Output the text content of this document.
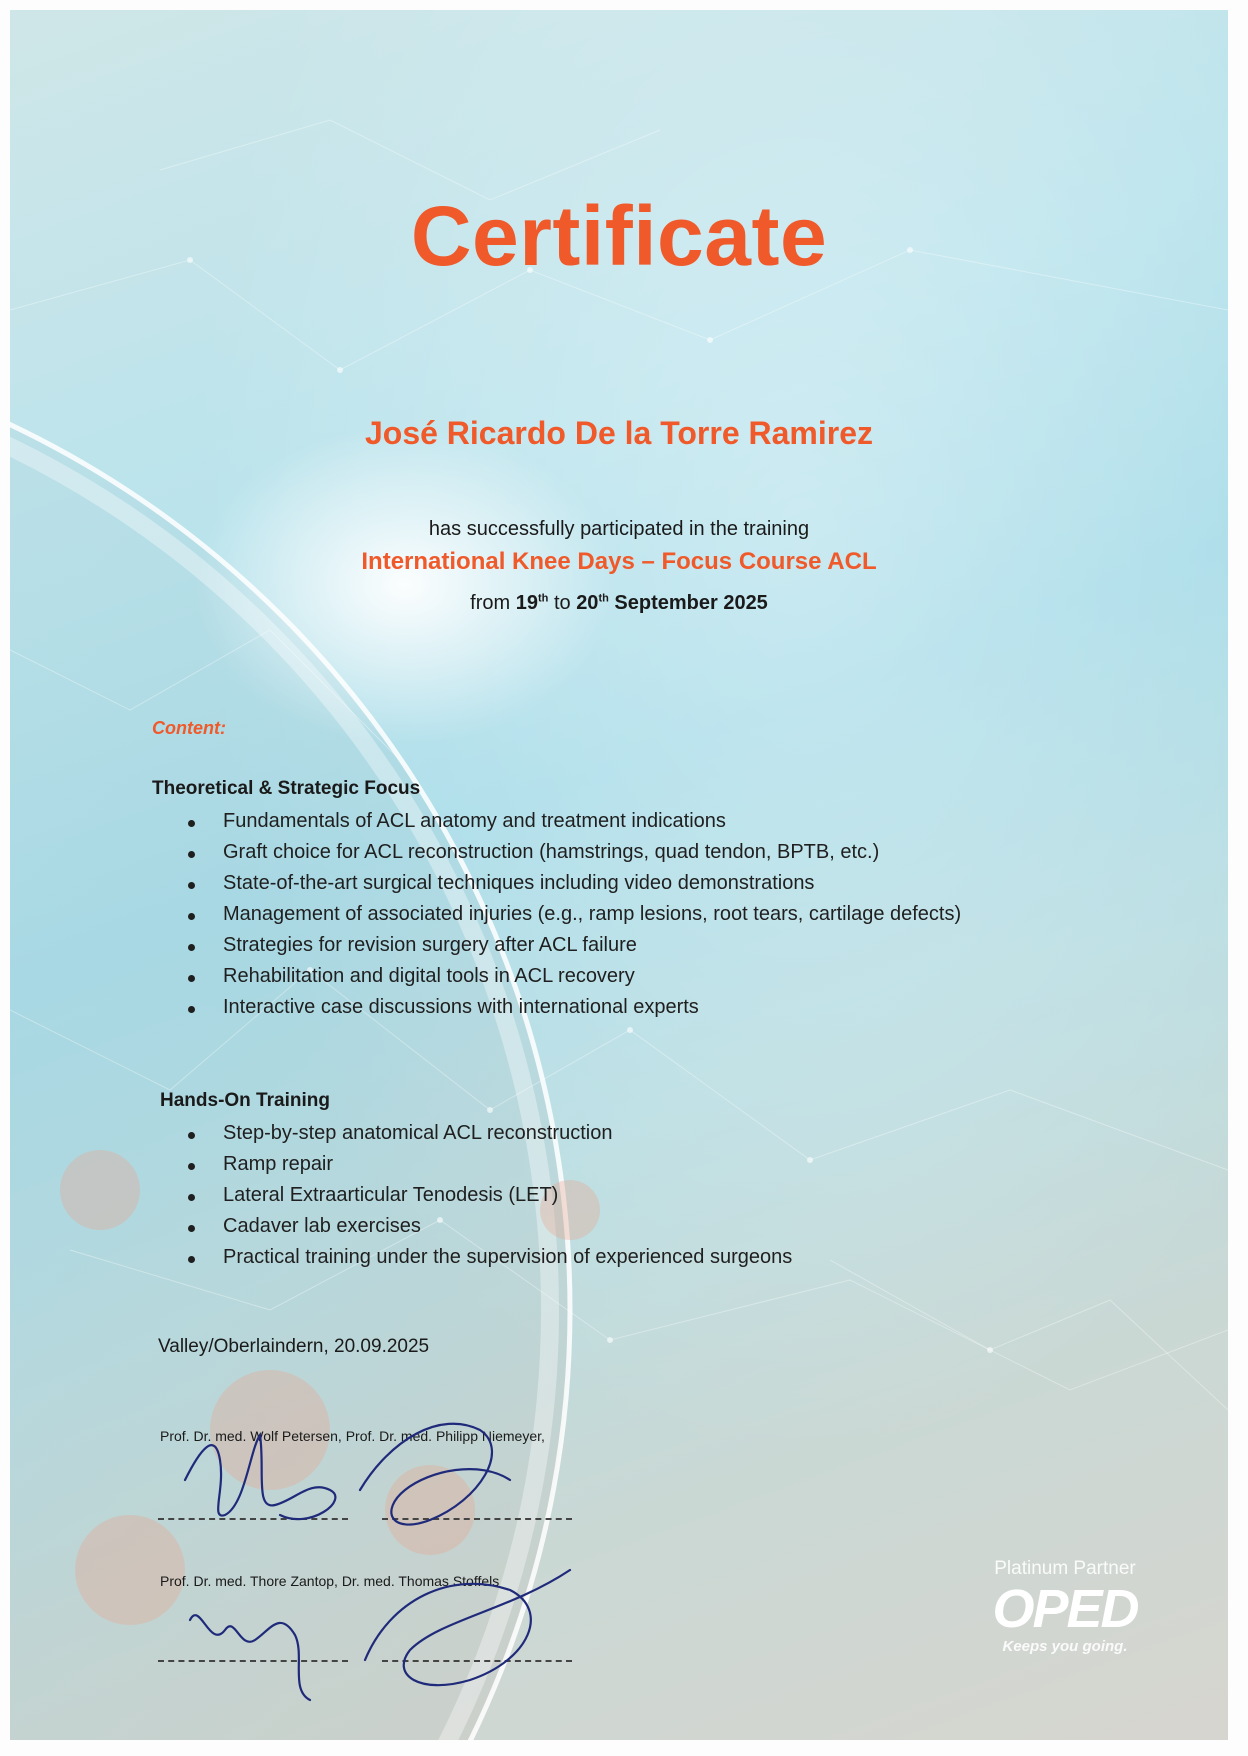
Certificate
José Ricardo De la Torre Ramirez
has successfully participated in the training
International Knee Days – Focus Course ACL
from 19th to 20th September 2025
Content:
Theoretical & Strategic Focus
Fundamentals of ACL anatomy and treatment indications
Graft choice for ACL reconstruction (hamstrings, quad tendon, BPTB, etc.)
State-of-the-art surgical techniques including video demonstrations
Management of associated injuries (e.g., ramp lesions, root tears, cartilage defects)
Strategies for revision surgery after ACL failure
Rehabilitation and digital tools in ACL recovery
Interactive case discussions with international experts
Hands-On Training
Step-by-step anatomical ACL reconstruction
Ramp repair
Lateral Extraarticular Tenodesis (LET)
Cadaver lab exercises
Practical training under the supervision of experienced surgeons
Valley/Oberlaindern, 20.09.2025
Prof. Dr. med. Wolf Petersen, Prof. Dr. med. Philipp Niemeyer,
Prof. Dr. med. Thore Zantop, Dr. med. Thomas Stoffels
Platinum Partner
OPED
Keeps you going.
